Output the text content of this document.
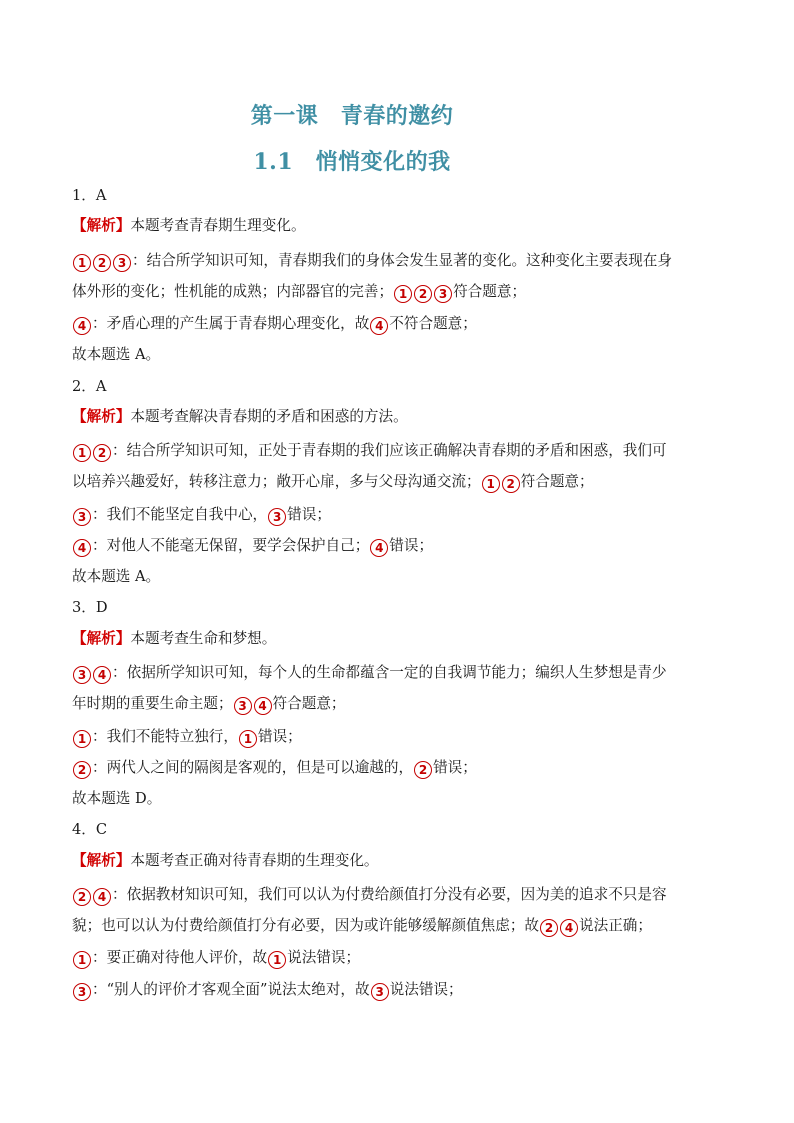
第一课　青春的邀约
1.1　悄悄变化的我
1．A
【解析】本题考查青春期生理变化。
1 2 3 ：结合所学知识可知，青春期我们的身体会发生显著的变化。这种变化主要表现在身
体外形的变化；性机能的成熟；内部器官的完善； 1 2 3 符合题意；
4 ：矛盾心理的产生属于青春期心理变化，故 4 不符合题意；
故本题选 A。
2．A
【解析】本题考查解决青春期的矛盾和困惑的方法。
1 2 ：结合所学知识可知，正处于青春期的我们应该正确解决青春期的矛盾和困惑，我们可
以培养兴趣爱好，转移注意力；敞开心扉，多与父母沟通交流； 1 2 符合题意；
3 ：我们不能坚定自我中心， 3 错误；
4 ：对他人不能毫无保留，要学会保护自己； 4 错误；
故本题选 A。
3．D
【解析】本题考查生命和梦想。
3 4 ：依据所学知识可知，每个人的生命都蕴含一定的自我调节能力；编织人生梦想是青少
年时期的重要生命主题； 3 4 符合题意；
1 ：我们不能特立独行， 1 错误；
2 ：两代人之间的隔阂是客观的，但是可以逾越的， 2 错误；
故本题选 D。
4．C
【解析】本题考查正确对待青春期的生理变化。
2 4 ：依据教材知识可知，我们可以认为付费给颜值打分没有必要，因为美的追求不只是容
貌；也可以认为付费给颜值打分有必要，因为或许能够缓解颜值焦虑；故 2 4 说法正确；
1 ：要正确对待他人评价，故 1 说法错误；
3 ：“别人的评价才客观全面”说法太绝对，故 3 说法错误；
